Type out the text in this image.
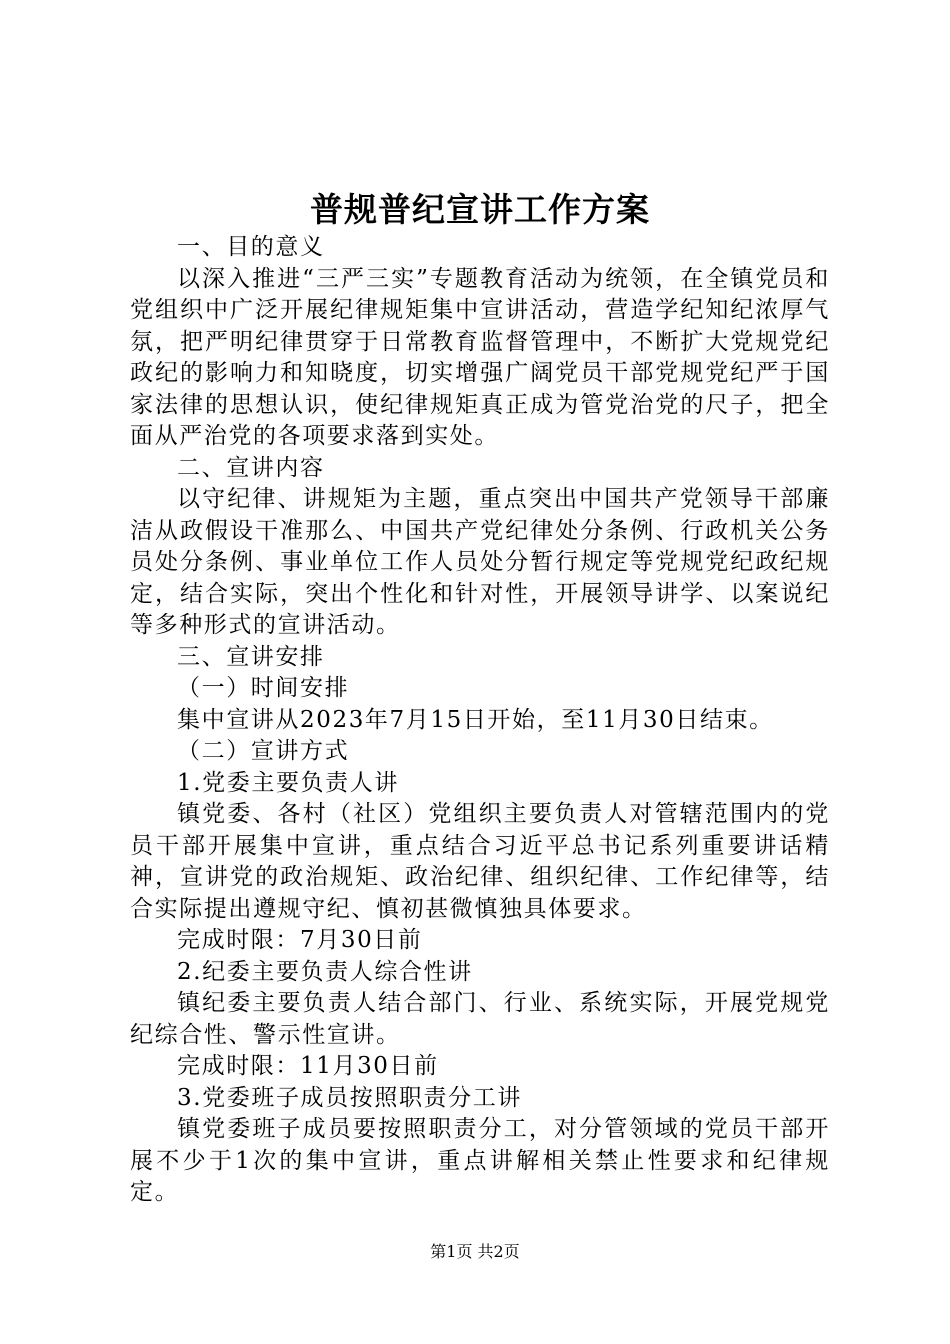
普规普纪宣讲工作方案

一、目的意义

以深入推进“三严三实”专题教育活动为统领，在全镇党员和党组织中广泛开展纪律规矩集中宣讲活动，营造学纪知纪浓厚气氛，把严明纪律贯穿于日常教育监督管理中，不断扩大党规党纪政纪的影响力和知晓度，切实增强广阔党员干部党规党纪严于国家法律的思想认识，使纪律规矩真正成为管党治党的尺子，把全面从严治党的各项要求落到实处。

二、宣讲内容

以守纪律、讲规矩为主题，重点突出中国共产党领导干部廉洁从政假设干准那么、中国共产党纪律处分条例、行政机关公务员处分条例、事业单位工作人员处分暂行规定等党规党纪政纪规定，结合实际，突出个性化和针对性，开展领导讲学、以案说纪等多种形式的宣讲活动。

三、宣讲安排

（一）时间安排

集中宣讲从2023年7月15日开始，至11月30日结束。

（二）宣讲方式

1.党委主要负责人讲

镇党委、各村（社区）党组织主要负责人对管辖范围内的党员干部开展集中宣讲，重点结合习近平总书记系列重要讲话精神，宣讲党的政治规矩、政治纪律、组织纪律、工作纪律等，结合实际提出遵规守纪、慎初甚微慎独具体要求。

完成时限：7月30日前

2.纪委主要负责人综合性讲

镇纪委主要负责人结合部门、行业、系统实际，开展党规党纪综合性、警示性宣讲。

完成时限：11月30日前

3.党委班子成员按照职责分工讲

镇党委班子成员要按照职责分工，对分管领域的党员干部开展不少于1次的集中宣讲，重点讲解相关禁止性要求和纪律规定。

第1页 共2页
